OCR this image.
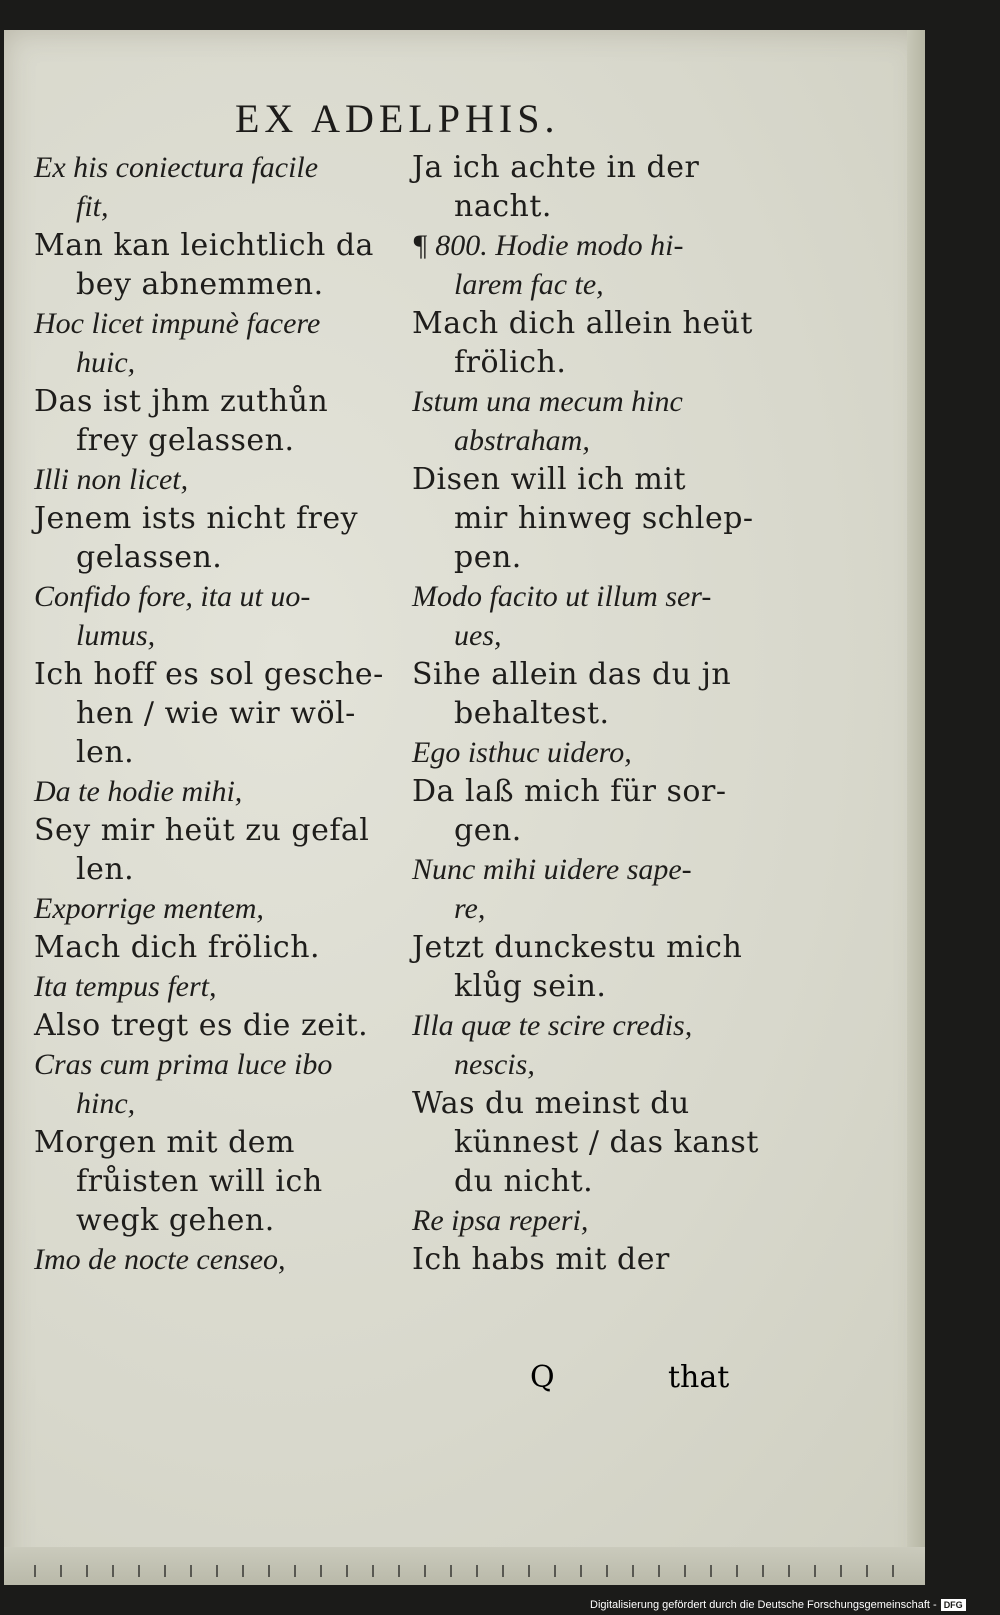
EX ADELPHIS.
Ex his coniectura facile
fit,
Man kan leichtlich da
bey abnemmen.
Hoc licet impunè facere
huic,
Das ist jhm zuthůn
frey gelassen.
Illi non licet,
Jenem ists nicht frey
gelassen.
Confido fore, ita ut uo-
lumus,
Ich hoff es sol gesche-
hen / wie wir wöl-
len.
Da te hodie mihi,
Sey mir heüt zu gefal
len.
Exporrige mentem,
Mach dich frölich.
Ita tempus fert,
Also tregt es die zeit.
Cras cum prima luce ibo
hinc,
Morgen mit dem
frůisten will ich
wegk gehen.
Imo de nocte censeo,
Ja ich achte in der
nacht.
¶ 800. Hodie modo hi-
larem fac te,
Mach dich allein heüt
frölich.
Istum una mecum hinc
abstraham,
Disen will ich mit
mir hinweg schlep-
pen.
Modo facito ut illum ser-
ues,
Sihe allein das du jn
behaltest.
Ego isthuc uidero,
Da laß mich für sor-
gen.
Nunc mihi uidere sape-
re,
Jetzt dunckestu mich
klůg sein.
Illa quæ te scire credis,
nescis,
Was du meinst du
künnest / das kanst
du nicht.
Re ipsa reperi,
Ich habs mit der
Q	that
Digitalisierung gefördert durch die Deutsche Forschungsgemeinschaft - DFG
